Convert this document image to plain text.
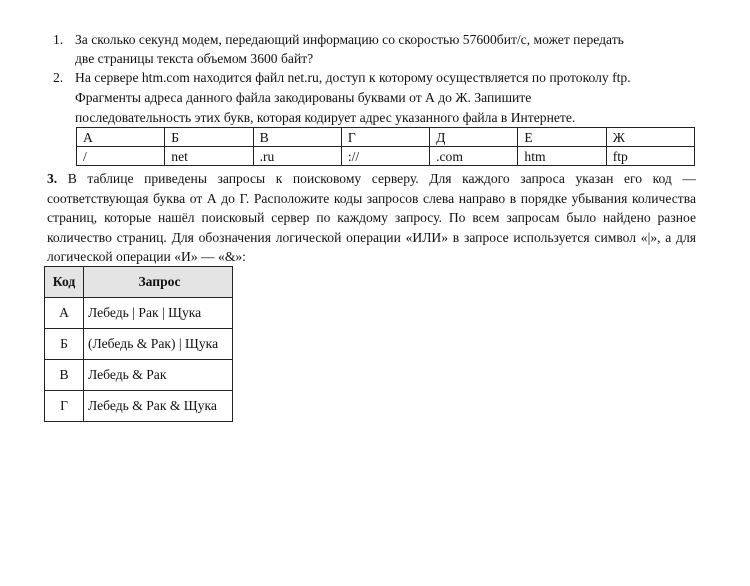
1. За сколько секунд модем, передающий информацию со скоростью 57600бит/с, может передать
две страницы текста объемом 3600 байт?
2. На сервере htm.com находится файл net.ru, доступ к которому осуществляется по протоколу ftp.
Фрагменты адреса данного файла закодированы буквами от А до Ж. Запишите
последовательность этих букв, которая кодирует адрес указанного файла в Интернете.
А	Б	В	Г	Д	Е	Ж
/	net	.ru	://	.com	htm	ftp
3. В таблице приведены запросы к поисковому серверу. Для каждого запроса указан его код — соответствующая буква от А до Г. Расположите коды запросов слева направо в порядке убывания количества страниц, которые нашёл поисковый сервер по каждому запросу. По всем запросам было найдено разное количество страниц. Для обозначения логической операции «ИЛИ» в запросе используется символ «|», а для логической операции «И» — «&»:
Код	Запрос
А	Лебедь | Рак | Щука
Б	(Лебедь & Рак) | Щука
В	Лебедь & Рак
Г	Лебедь & Рак & Щука
